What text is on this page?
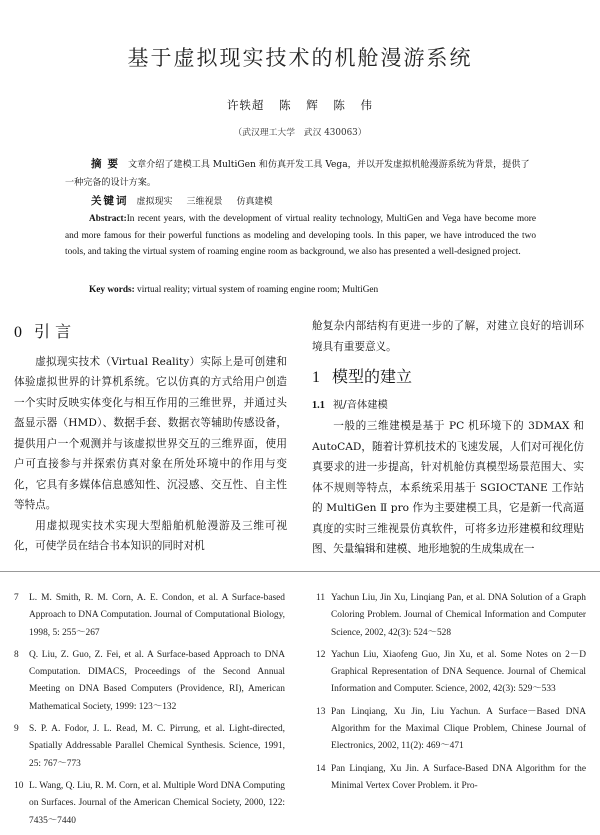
基于虚拟现实技术的机舱漫游系统
许轶超 陈 辉 陈 伟
（武汉理工大学　武汉 430063）
摘要 文章介绍了建模工具 MultiGen 和仿真开发工具 Vega，并以开发虚拟机舱漫游系统为背景，提供了一种完备的设计方案。
关键词 虚拟现实 三维视景 仿真建模
Abstract:In recent years, with the development of virtual reality technology, MultiGen and Vega have become more and more famous for their powerful functions as modeling and developing tools. In this paper, we have introduced the two tools, and taking the virtual system of roaming engine room as background, we also has presented a well-designed project.
Key words: virtual reality; virtual system of roaming engine room; MultiGen
0 引 言

虚拟现实技术（Virtual Reality）实际上是可创建和体验虚拟世界的计算机系统。它以仿真的方式给用户创造一个实时反映实体变化与相互作用的三维世界，并通过头盔显示器（HMD）、数据手套、数据衣等辅助传感设备，提供用户一个观测并与该虚拟世界交互的三维界面，使用户可直接参与并探索仿真对象在所处环境中的作用与变化，它具有多媒体信息感知性、沉浸感、交互性、自主性等特点。

用虚拟现实技术实现大型船舶机舱漫游及三维可视化，可使学员在结合书本知识的同时对机

舱复杂内部结构有更进一步的了解，对建立良好的培训环境具有重要意义。

1 模型的建立
1.1 视/音体建模

一般的三维建模是基于 PC 机环境下的 3DMAX 和 AutoCAD，随着计算机技术的飞速发展，人们对可视化仿真要求的进一步提高，针对机舱仿真模型场景范围大、实体不规则等特点，本系统采用基于 SGIOCTANE 工作站的 MultiGen Ⅱ pro 作为主要建模工具，它是新一代高逼真度的实时三维视景仿真软件，可将多边形建模和纹理贴图、矢量编辑和建模、地形地貌的生成集成在一

7 L. M. Smith, R. M. Corn, A. E. Condon, et al. A Surface-based Approach to DNA Computation. Journal of Computational Biology, 1998, 5: 255～267
8 Q. Liu, Z. Guo, Z. Fei, et al. A Surface-based Approach to DNA Computation. DIMACS, Proceedings of the Second Annual Meeting on DNA Based Computers (Providence, RI), American Mathematical Society, 1999: 123～132
9 S. P. A. Fodor, J. L. Read, M. C. Pirrung, et al. Light-directed, Spatially Addressable Parallel Chemical Synthesis. Science, 1991, 25: 767～773
10 L. Wang, Q. Liu, R. M. Corn, et al. Multiple Word DNA Computing on Surfaces. Journal of the American Chemical Society, 2000, 122: 7435～7440
11 Yachun Liu, Jin Xu, Linqiang Pan, et al. DNA Solution of a Graph Coloring Problem. Journal of Chemical Information and Computer Science, 2002, 42(3): 524～528
12 Yachun Liu, Xiaofeng Guo, Jin Xu, et al. Some Notes on 2－D Graphical Representation of DNA Sequence. Journal of Chemical Information and Computer. Science, 2002, 42(3): 529～533
13 Pan Linqiang, Xu Jin, Liu Yachun. A Surface－Based DNA Algorithm for the Maximal Clique Problem, Chinese Journal of Electronics, 2002, 11(2): 469～471
14 Pan Linqiang, Xu Jin. A Surface-Based DNA Algorithm for the Minimal Vertex Cover Problem. it Pro-
